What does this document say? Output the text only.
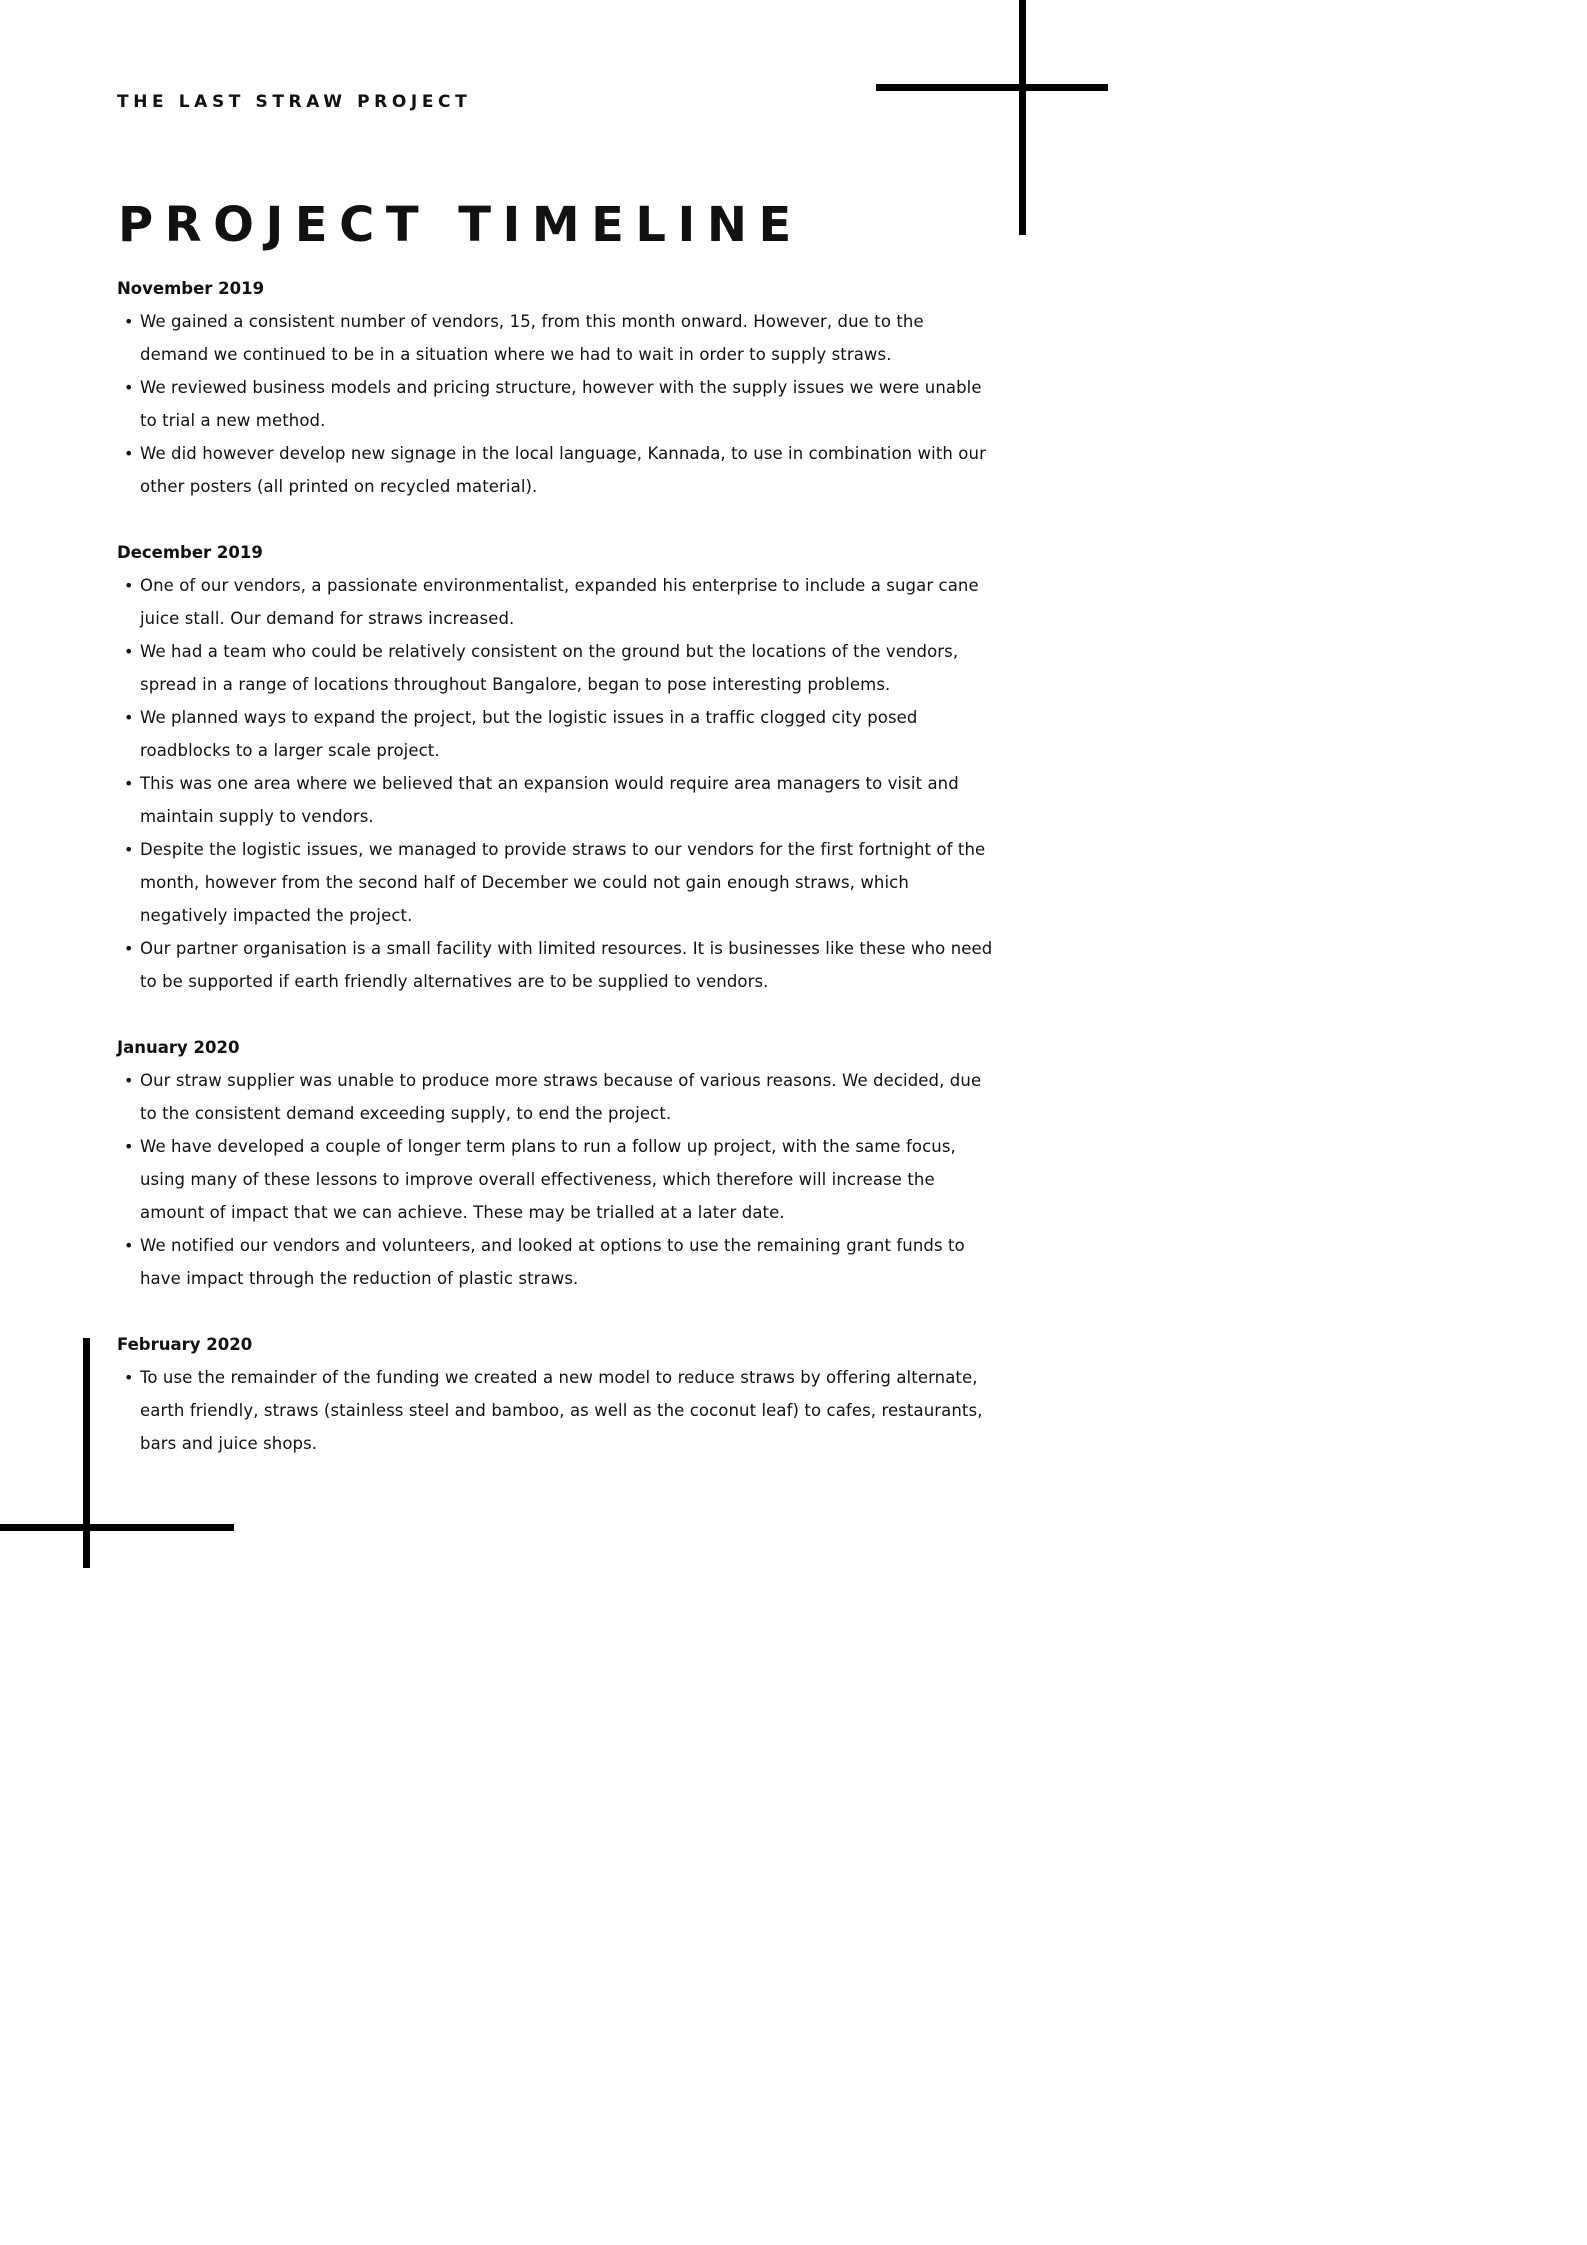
THE LAST STRAW PROJECT

PROJECT TIMELINE
November 2019
• We gained a consistent number of vendors, 15, from this month onward. However, due to the demand we continued to be in a situation where we had to wait in order to supply straws.
• We reviewed business models and pricing structure, however with the supply issues we were unable to trial a new method.
• We did however develop new signage in the local language, Kannada, to use in combination with our other posters (all printed on recycled material).
December 2019
• One of our vendors, a passionate environmentalist, expanded his enterprise to include a sugar cane juice stall. Our demand for straws increased.
• We had a team who could be relatively consistent on the ground but the locations of the vendors, spread in a range of locations throughout Bangalore, began to pose interesting problems.
• We planned ways to expand the project, but the logistic issues in a traffic clogged city posed roadblocks to a larger scale project.
• This was one area where we believed that an expansion would require area managers to visit and maintain supply to vendors.
• Despite the logistic issues, we managed to provide straws to our vendors for the first fortnight of the month, however from the second half of December we could not gain enough straws, which negatively impacted the project.
• Our partner organisation is a small facility with limited resources. It is businesses like these who need to be supported if earth friendly alternatives are to be supplied to vendors.
January 2020
• Our straw supplier was unable to produce more straws because of various reasons. We decided, due to the consistent demand exceeding supply, to end the project.
• We have developed a couple of longer term plans to run a follow up project, with the same focus, using many of these lessons to improve overall effectiveness, which therefore will increase the amount of impact that we can achieve. These may be trialled at a later date.
• We notified our vendors and volunteers, and looked at options to use the remaining grant funds to have impact through the reduction of plastic straws.
February 2020
• To use the remainder of the funding we created a new model to reduce straws by offering alternate, earth friendly, straws (stainless steel and bamboo, as well as the coconut leaf) to cafes, restaurants, bars and juice shops.
